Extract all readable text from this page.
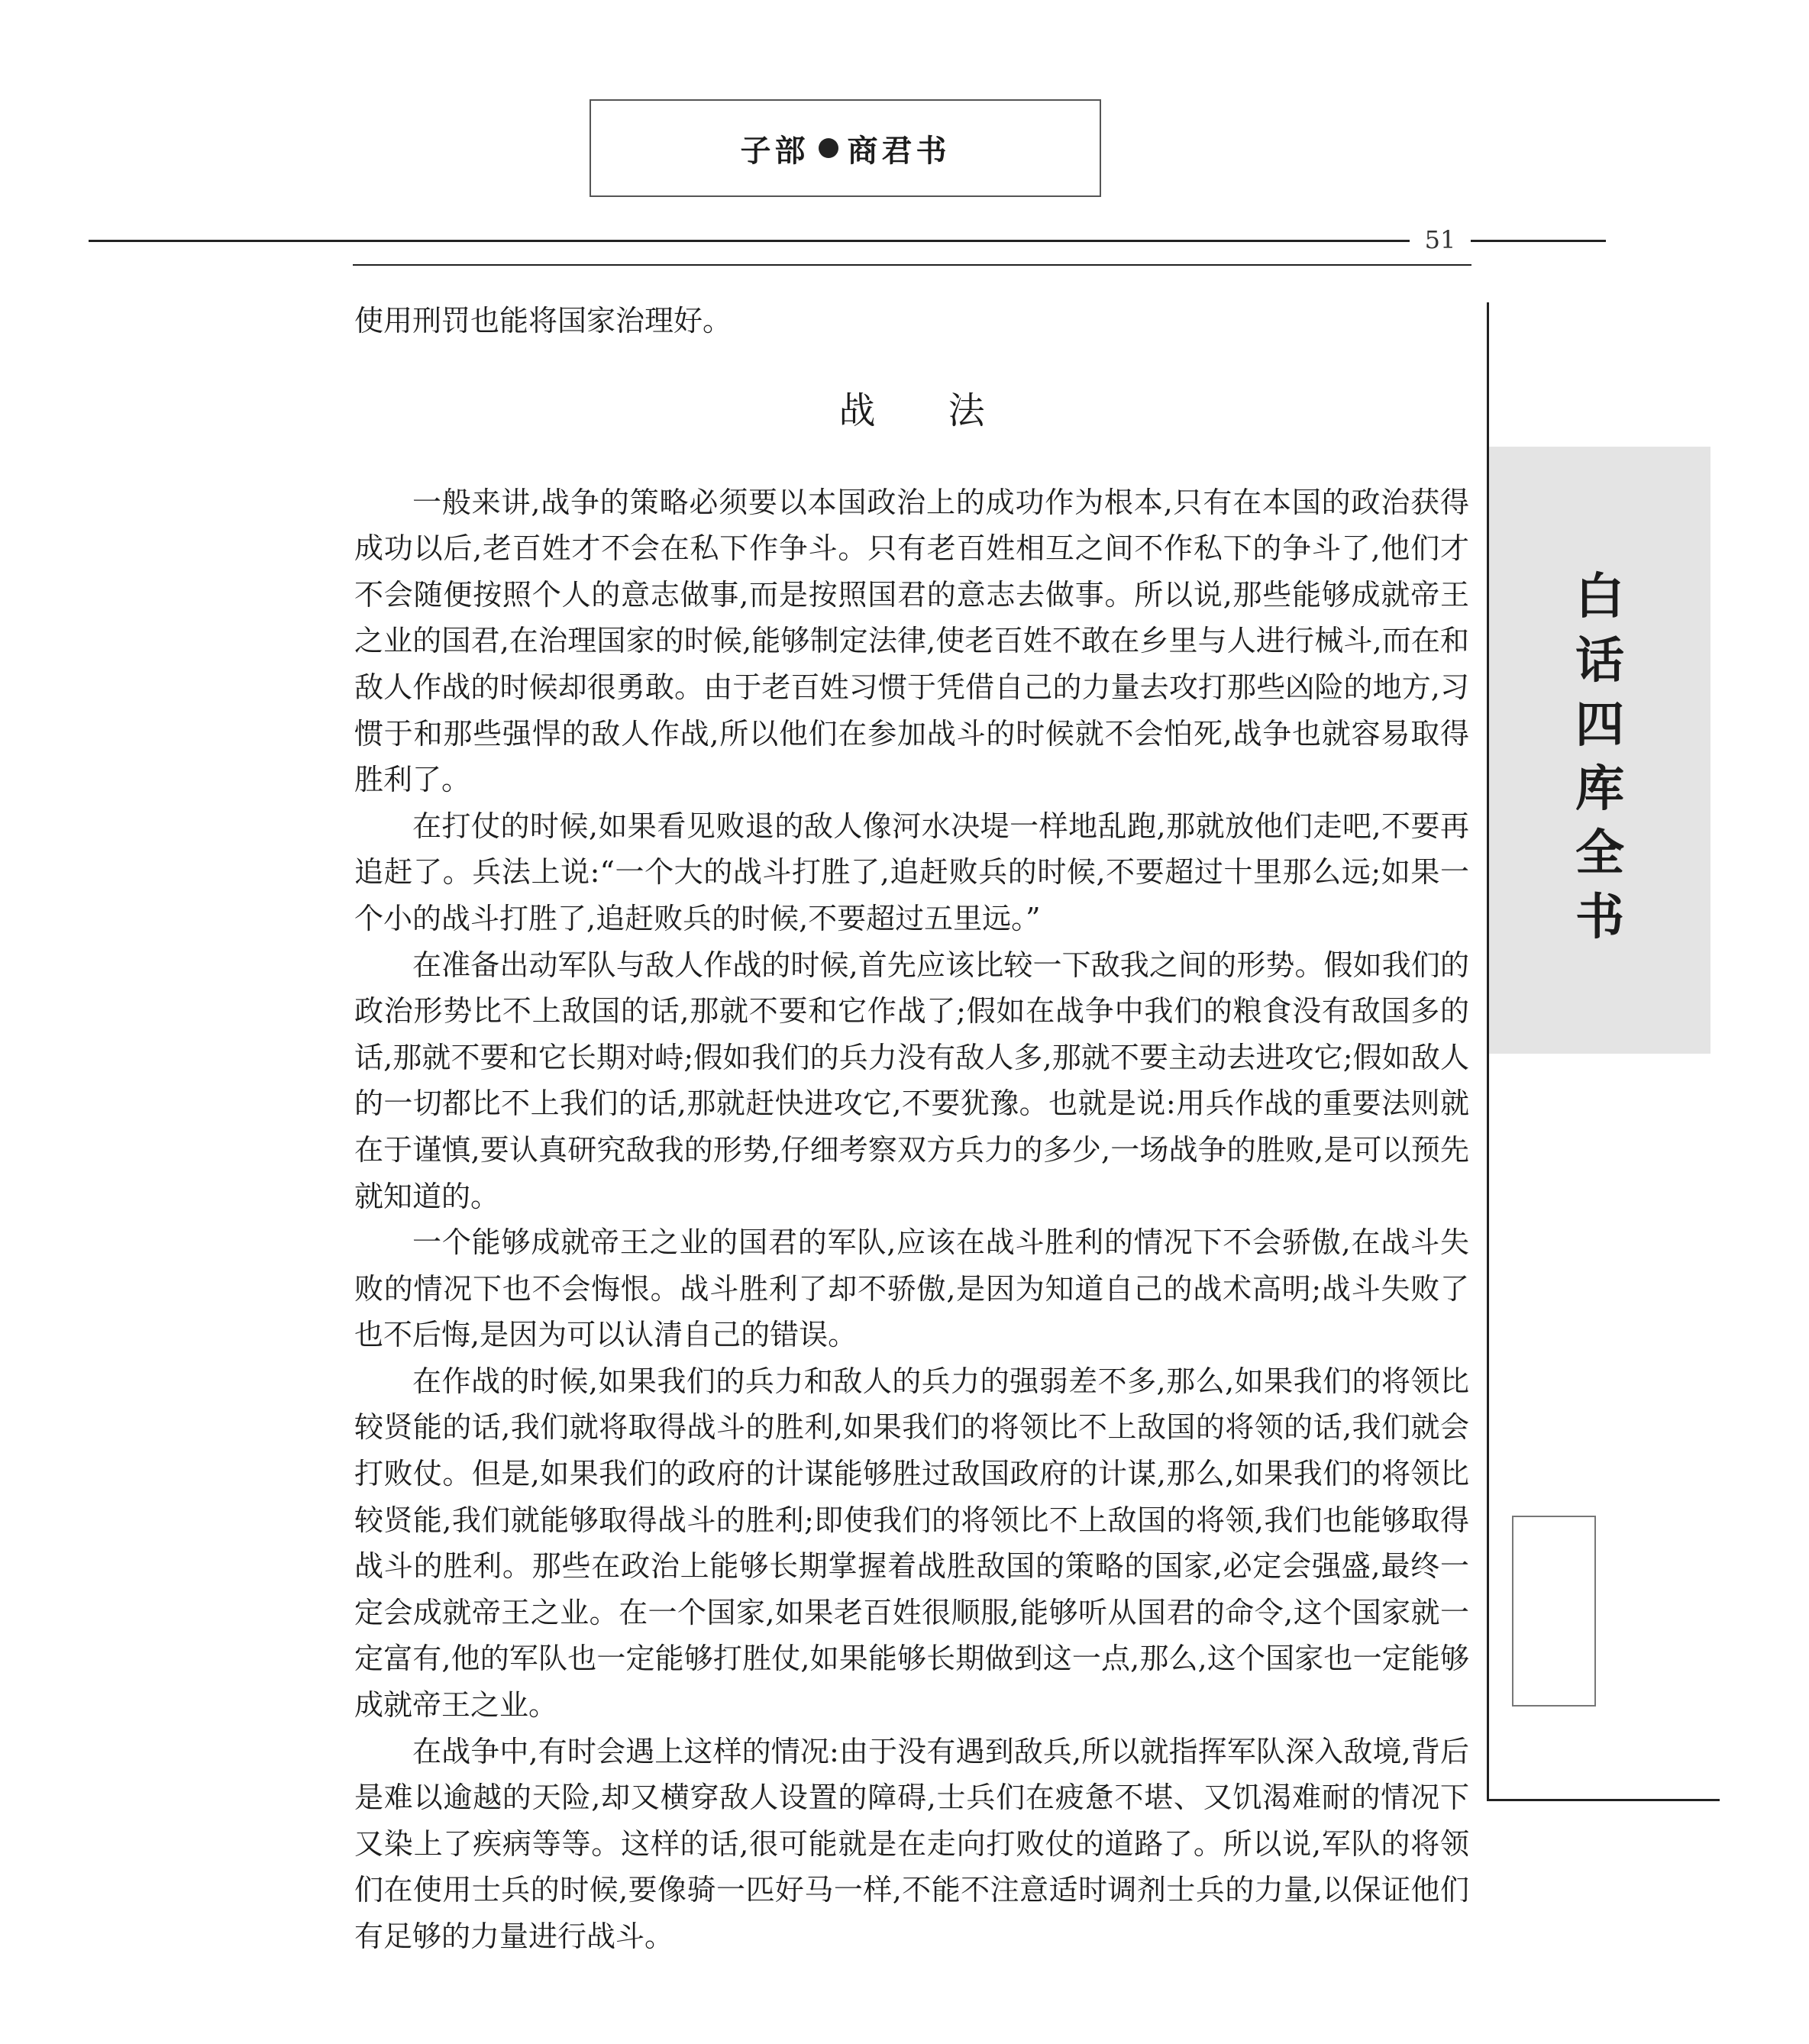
子部 商君书
51
白
话
四
库
全
书

使用刑罚也能将国家治理好。

战 法

一般来讲,战争的策略必须要以本国政治上的成功作为根本,只有在本国的政治获得成功以后,老百姓才不会在私下作争斗。只有老百姓相互之间不作私下的争斗了,他们才不会随便按照个人的意志做事,而是按照国君的意志去做事。所以说,那些能够成就帝王之业的国君,在治理国家的时候,能够制定法律,使老百姓不敢在乡里与人进行械斗,而在和敌人作战的时候却很勇敢。由于老百姓习惯于凭借自己的力量去攻打那些凶险的地方,习惯于和那些强悍的敌人作战,所以他们在参加战斗的时候就不会怕死,战争也就容易取得胜利了。

在打仗的时候,如果看见败退的敌人像河水决堤一样地乱跑,那就放他们走吧,不要再追赶了。兵法上说:“一个大的战斗打胜了,追赶败兵的时候,不要超过十里那么远;如果一个小的战斗打胜了,追赶败兵的时候,不要超过五里远。”

在准备出动军队与敌人作战的时候,首先应该比较一下敌我之间的形势。假如我们的政治形势比不上敌国的话,那就不要和它作战了;假如在战争中我们的粮食没有敌国多的话,那就不要和它长期对峙;假如我们的兵力没有敌人多,那就不要主动去进攻它;假如敌人的一切都比不上我们的话,那就赶快进攻它,不要犹豫。也就是说:用兵作战的重要法则就在于谨慎,要认真研究敌我的形势,仔细考察双方兵力的多少,一场战争的胜败,是可以预先就知道的。

一个能够成就帝王之业的国君的军队,应该在战斗胜利的情况下不会骄傲,在战斗失败的情况下也不会悔恨。战斗胜利了却不骄傲,是因为知道自己的战术高明;战斗失败了也不后悔,是因为可以认清自己的错误。

在作战的时候,如果我们的兵力和敌人的兵力的强弱差不多,那么,如果我们的将领比较贤能的话,我们就将取得战斗的胜利,如果我们的将领比不上敌国的将领的话,我们就会打败仗。但是,如果我们的政府的计谋能够胜过敌国政府的计谋,那么,如果我们的将领比较贤能,我们就能够取得战斗的胜利;即使我们的将领比不上敌国的将领,我们也能够取得战斗的胜利。那些在政治上能够长期掌握着战胜敌国的策略的国家,必定会强盛,最终一定会成就帝王之业。在一个国家,如果老百姓很顺服,能够听从国君的命令,这个国家就一定富有,他的军队也一定能够打胜仗,如果能够长期做到这一点,那么,这个国家也一定能够成就帝王之业。

在战争中,有时会遇上这样的情况:由于没有遇到敌兵,所以就指挥军队深入敌境,背后是难以逾越的天险,却又横穿敌人设置的障碍,士兵们在疲惫不堪、又饥渴难耐的情况下又染上了疾病等等。这样的话,很可能就是在走向打败仗的道路了。所以说,军队的将领们在使用士兵的时候,要像骑一匹好马一样,不能不注意适时调剂士兵的力量,以保证他们有足够的力量进行战斗。
